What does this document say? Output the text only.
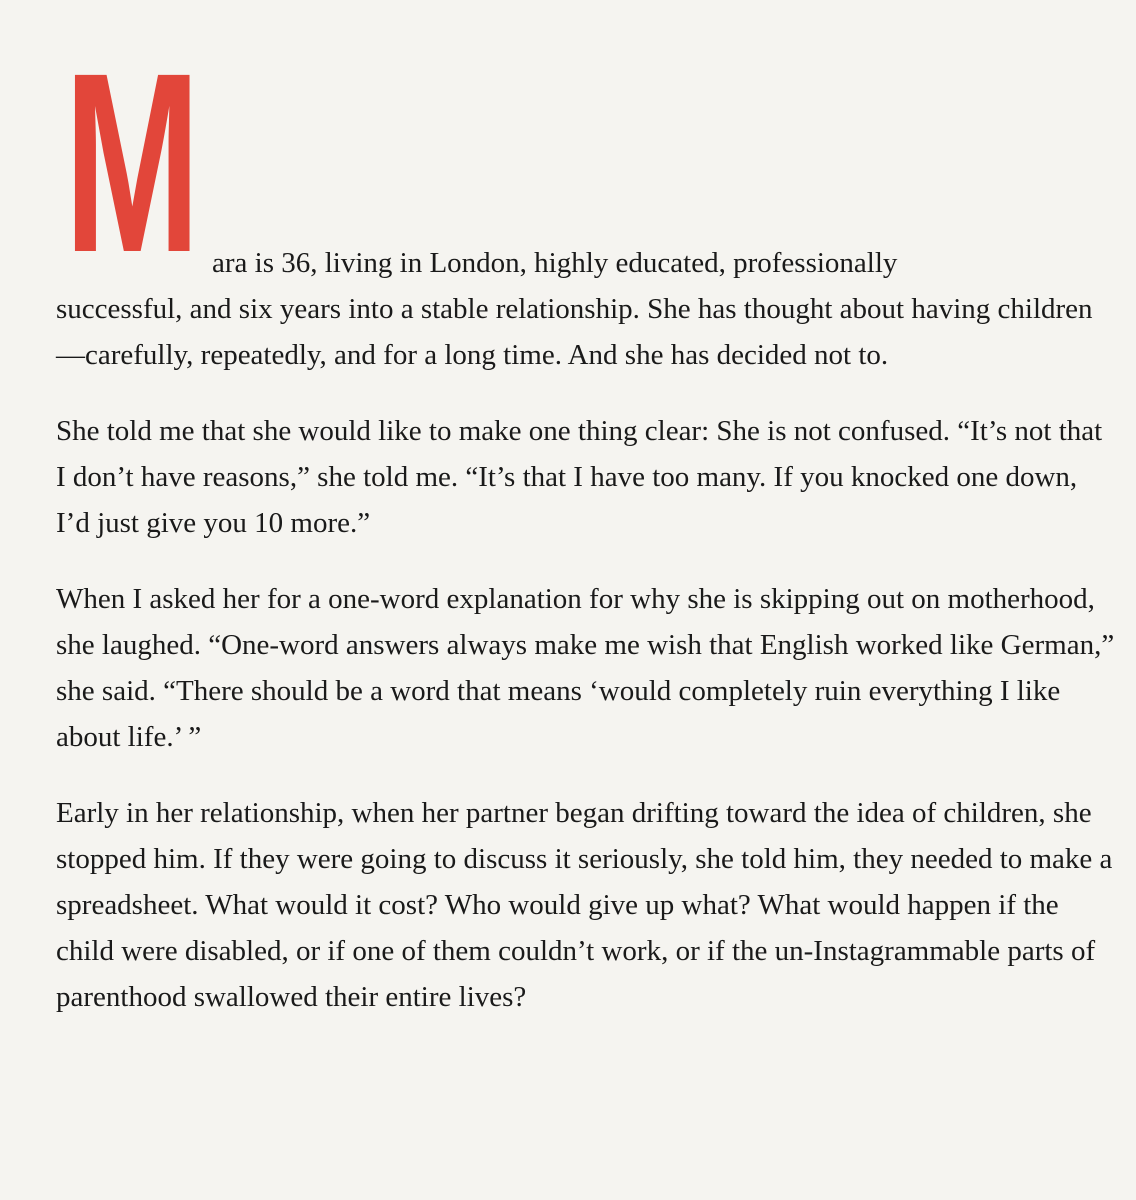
M ara is 36, living in London, highly educated, professionally
successful, and six years into a stable relationship. She has thought about having children—carefully, repeatedly, and for a long time. And she has decided not to.

She told me that she would like to make one thing clear: She is not confused. “It’s not that I don’t have reasons,” she told me. “It’s that I have too many. If you knocked one down, I’d just give you 10 more.”

When I asked her for a one-word explanation for why she is skipping out on motherhood, she laughed. “One-word answers always make me wish that English worked like German,” she said. “There should be a word that means ‘would completely ruin everything I like about life.’ ”

Early in her relationship, when her partner began drifting toward the idea of children, she stopped him. If they were going to discuss it seriously, she told him, they needed to make a spreadsheet. What would it cost? Who would give up what? What would happen if the child were disabled, or if one of them couldn’t work, or if the un-Instagrammable parts of parenthood swallowed their entire lives?
